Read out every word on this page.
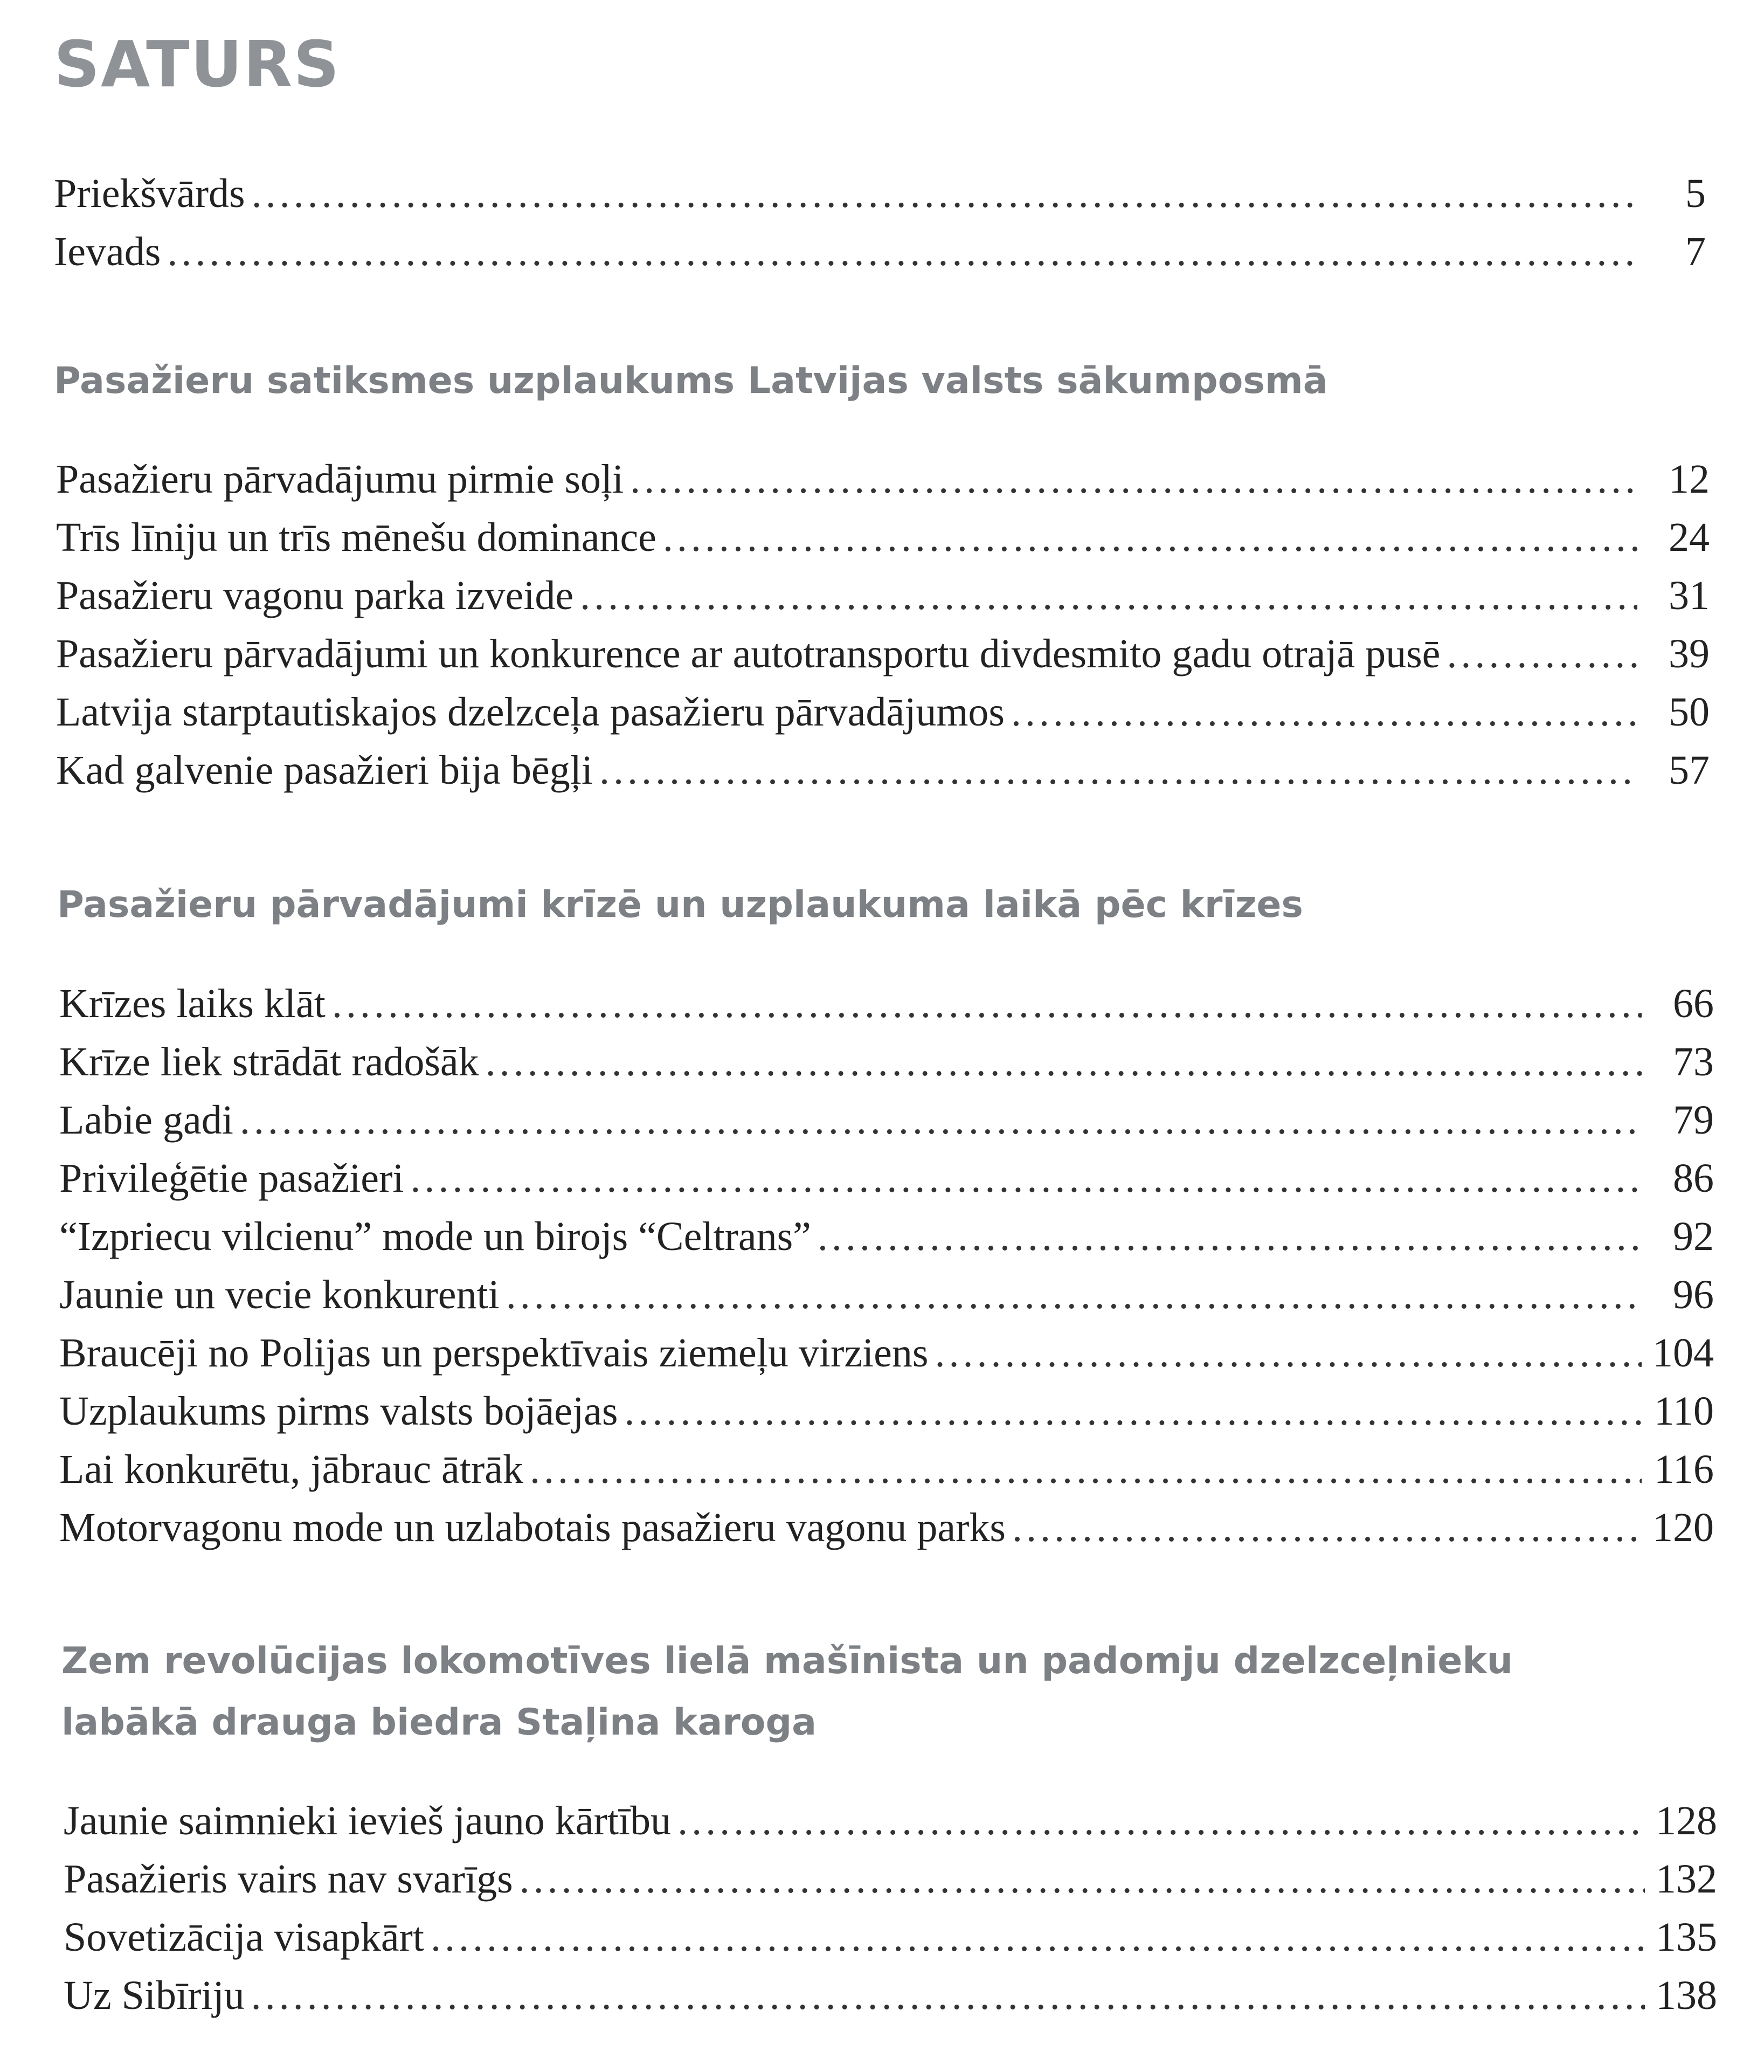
SATURS
Priekšvārds . . .	5
Ievads . . .	7
Pasažieru satiksmes uzplaukums Latvijas valsts sākumposmā
Pasažieru pārvadājumu pirmie soļi . . .	12
Trīs līniju un trīs mēnešu dominance . . .	24
Pasažieru vagonu parka izveide . . .	31
Pasažieru pārvadājumi un konkurence ar autotransportu divdesmito gadu otrajā pusē . . .	39
Latvija starptautiskajos dzelzceļa pasažieru pārvadājumos . . .	50
Kad galvenie pasažieri bija bēgļi . . .	57
Pasažieru pārvadājumi krīzē un uzplaukuma laikā pēc krīzes
Krīzes laiks klāt . . .	66
Krīze liek strādāt radošāk . . .	73
Labie gadi . . .	79
Privileģētie pasažieri . . .	86
“Izpriecu vilcienu” mode un birojs “Celtrans” . . .	92
Jaunie un vecie konkurenti . . .	96
Braucēji no Polijas un perspektīvais ziemeļu virziens . . .	104
Uzplaukums pirms valsts bojāejas . . .	110
Lai konkurētu, jābrauc ātrāk . . .	116
Motorvagonu mode un uzlabotais pasažieru vagonu parks . . .	120
Zem revolūcijas lokomotīves lielā mašīnista un padomju dzelzceļnieku
labākā drauga biedra Staļina karoga
Jaunie saimnieki ievieš jauno kārtību . . .	128
Pasažieris vairs nav svarīgs . . .	132
Sovetizācija visapkārt . . .	135
Uz Sibīriju . . .	138
